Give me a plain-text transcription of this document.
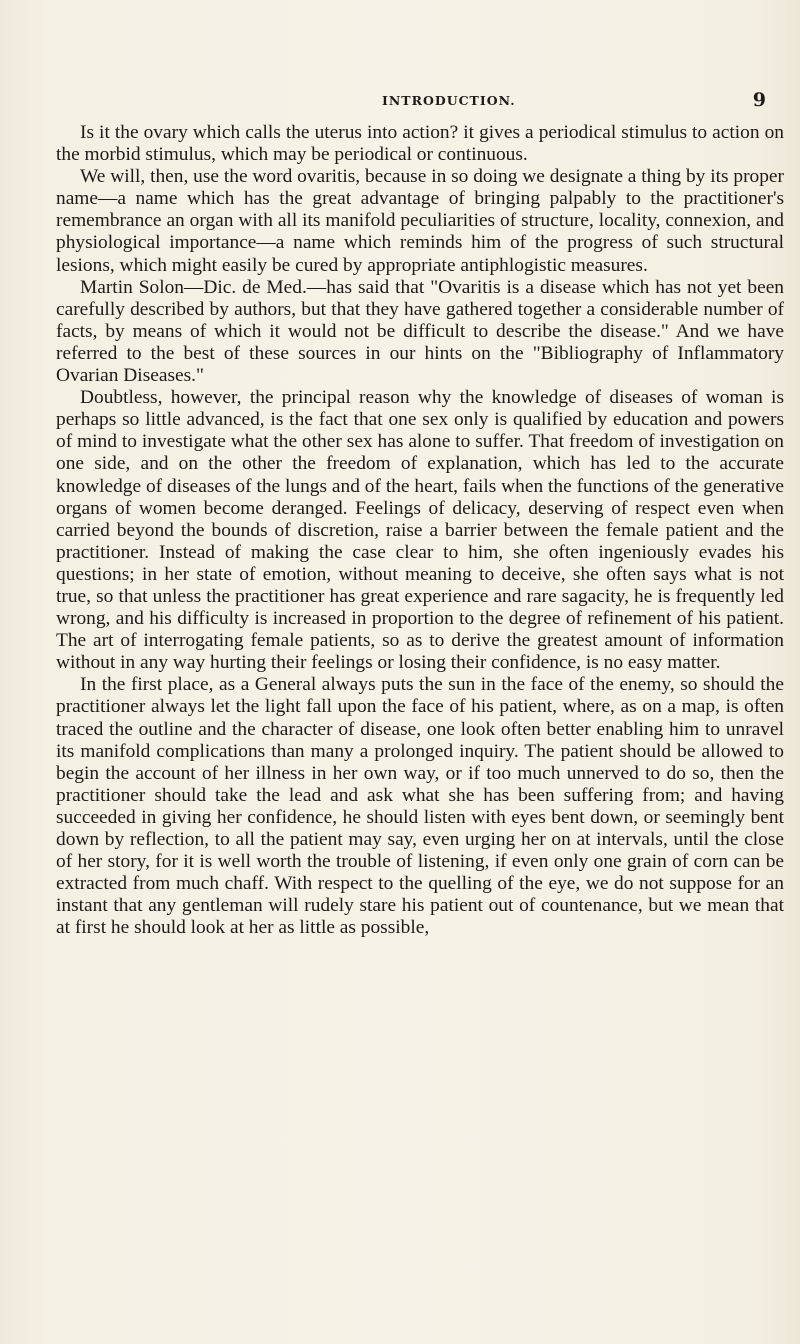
INTRODUCTION.	9

Is it the ovary which calls the uterus into action? it gives a periodical stimulus to action on the morbid stimulus, which may be periodical or continuous.

We will, then, use the word ovaritis, because in so doing we designate a thing by its proper name—a name which has the great advantage of bringing palpably to the practitioner's remembrance an organ with all its manifold peculiarities of structure, locality, connexion, and physiological importance—a name which reminds him of the progress of such structural lesions, which might easily be cured by appropriate antiphlogistic measures.

Martin Solon—Dic. de Med.—has said that "Ovaritis is a disease which has not yet been carefully described by authors, but that they have gathered together a considerable number of facts, by means of which it would not be difficult to describe the disease." And we have referred to the best of these sources in our hints on the "Bibliography of Inflammatory Ovarian Diseases."

Doubtless, however, the principal reason why the knowledge of diseases of woman is perhaps so little advanced, is the fact that one sex only is qualified by education and powers of mind to investigate what the other sex has alone to suffer. That freedom of investigation on one side, and on the other the freedom of explanation, which has led to the accurate knowledge of diseases of the lungs and of the heart, fails when the functions of the generative organs of women become deranged. Feelings of delicacy, deserving of respect even when carried beyond the bounds of discretion, raise a barrier between the female patient and the practitioner. Instead of making the case clear to him, she often ingeniously evades his questions; in her state of emotion, without meaning to deceive, she often says what is not true, so that unless the practitioner has great experience and rare sagacity, he is frequently led wrong, and his difficulty is increased in proportion to the degree of refinement of his patient. The art of interrogating female patients, so as to derive the greatest amount of information without in any way hurting their feelings or losing their confidence, is no easy matter.

In the first place, as a General always puts the sun in the face of the enemy, so should the practitioner always let the light fall upon the face of his patient, where, as on a map, is often traced the outline and the character of disease, one look often better enabling him to unravel its manifold complications than many a prolonged inquiry. The patient should be allowed to begin the account of her illness in her own way, or if too much unnerved to do so, then the practitioner should take the lead and ask what she has been suffering from; and having succeeded in giving her confidence, he should listen with eyes bent down, or seemingly bent down by reflection, to all the patient may say, even urging her on at intervals, until the close of her story, for it is well worth the trouble of listening, if even only one grain of corn can be extracted from much chaff. With respect to the quelling of the eye, we do not suppose for an instant that any gentleman will rudely stare his patient out of countenance, but we mean that at first he should look at her as little as possible,
